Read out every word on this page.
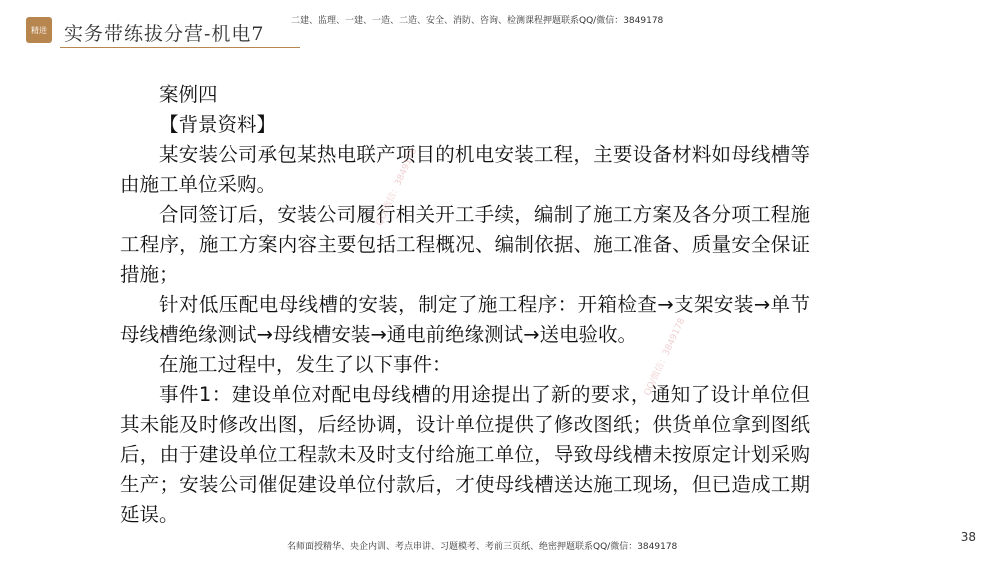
精进 实务带练拔分营-机电7
二建、监理、一建、一造、二造、安全、消防、咨询、检测课程押题联系QQ/微信：3849178

案例四

【背景资料】

某安装公司承包某热电联产项目的机电安装工程，主要设备材料如母线槽等由施工单位采购。

合同签订后，安装公司履行相关开工手续，编制了施工方案及各分项工程施工程序，施工方案内容主要包括工程概况、编制依据、施工准备、质量安全保证措施；

针对低压配电母线槽的安装，制定了施工程序：开箱检查→支架安装→单节母线槽绝缘测试→母线槽安装→通电前绝缘测试→送电验收。

在施工过程中，发生了以下事件：

事件1：建设单位对配电母线槽的用途提出了新的要求，通知了设计单位但其未能及时修改出图，后经协调，设计单位提供了修改图纸；供货单位拿到图纸后，由于建设单位工程款未及时支付给施工单位，导致母线槽未按原定计划采购生产；安装公司催促建设单位付款后，才使母线槽送达施工现场，但已造成工期延误。

QQ/微信：3849178
QQ/微信：3849178
38
名师面授精华、央企内训、考点串讲、习题模考、考前三页纸、绝密押题联系QQ/微信：3849178
